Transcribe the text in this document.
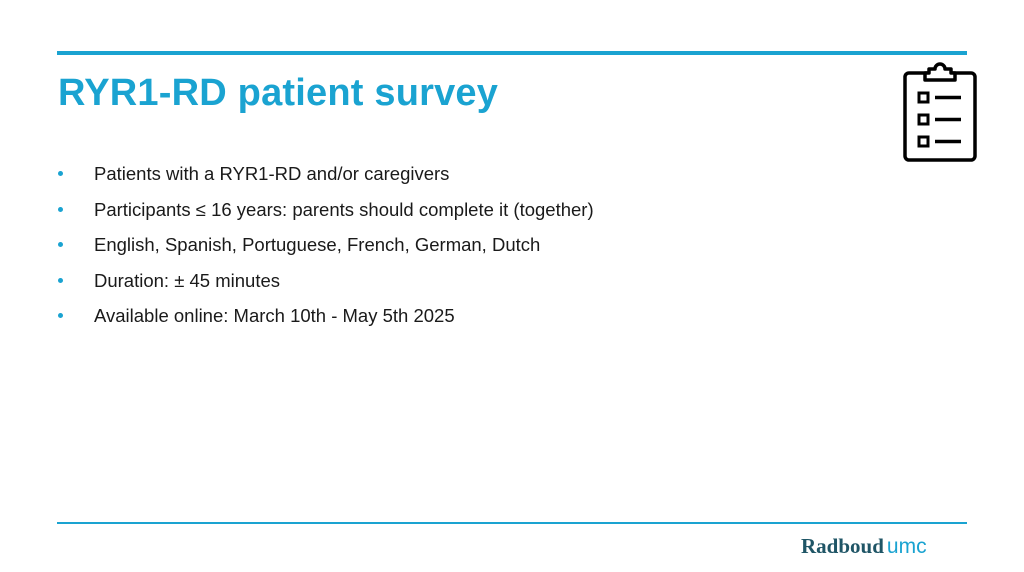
RYR1-RD patient survey
Patients with a RYR1-RD and/or caregivers
Participants ≤ 16 years: parents should complete it (together)
English, Spanish, Portuguese, French, German, Dutch
Duration: ± 45 minutes
Available online: March 10th - May 5th 2025
Radboud umc
